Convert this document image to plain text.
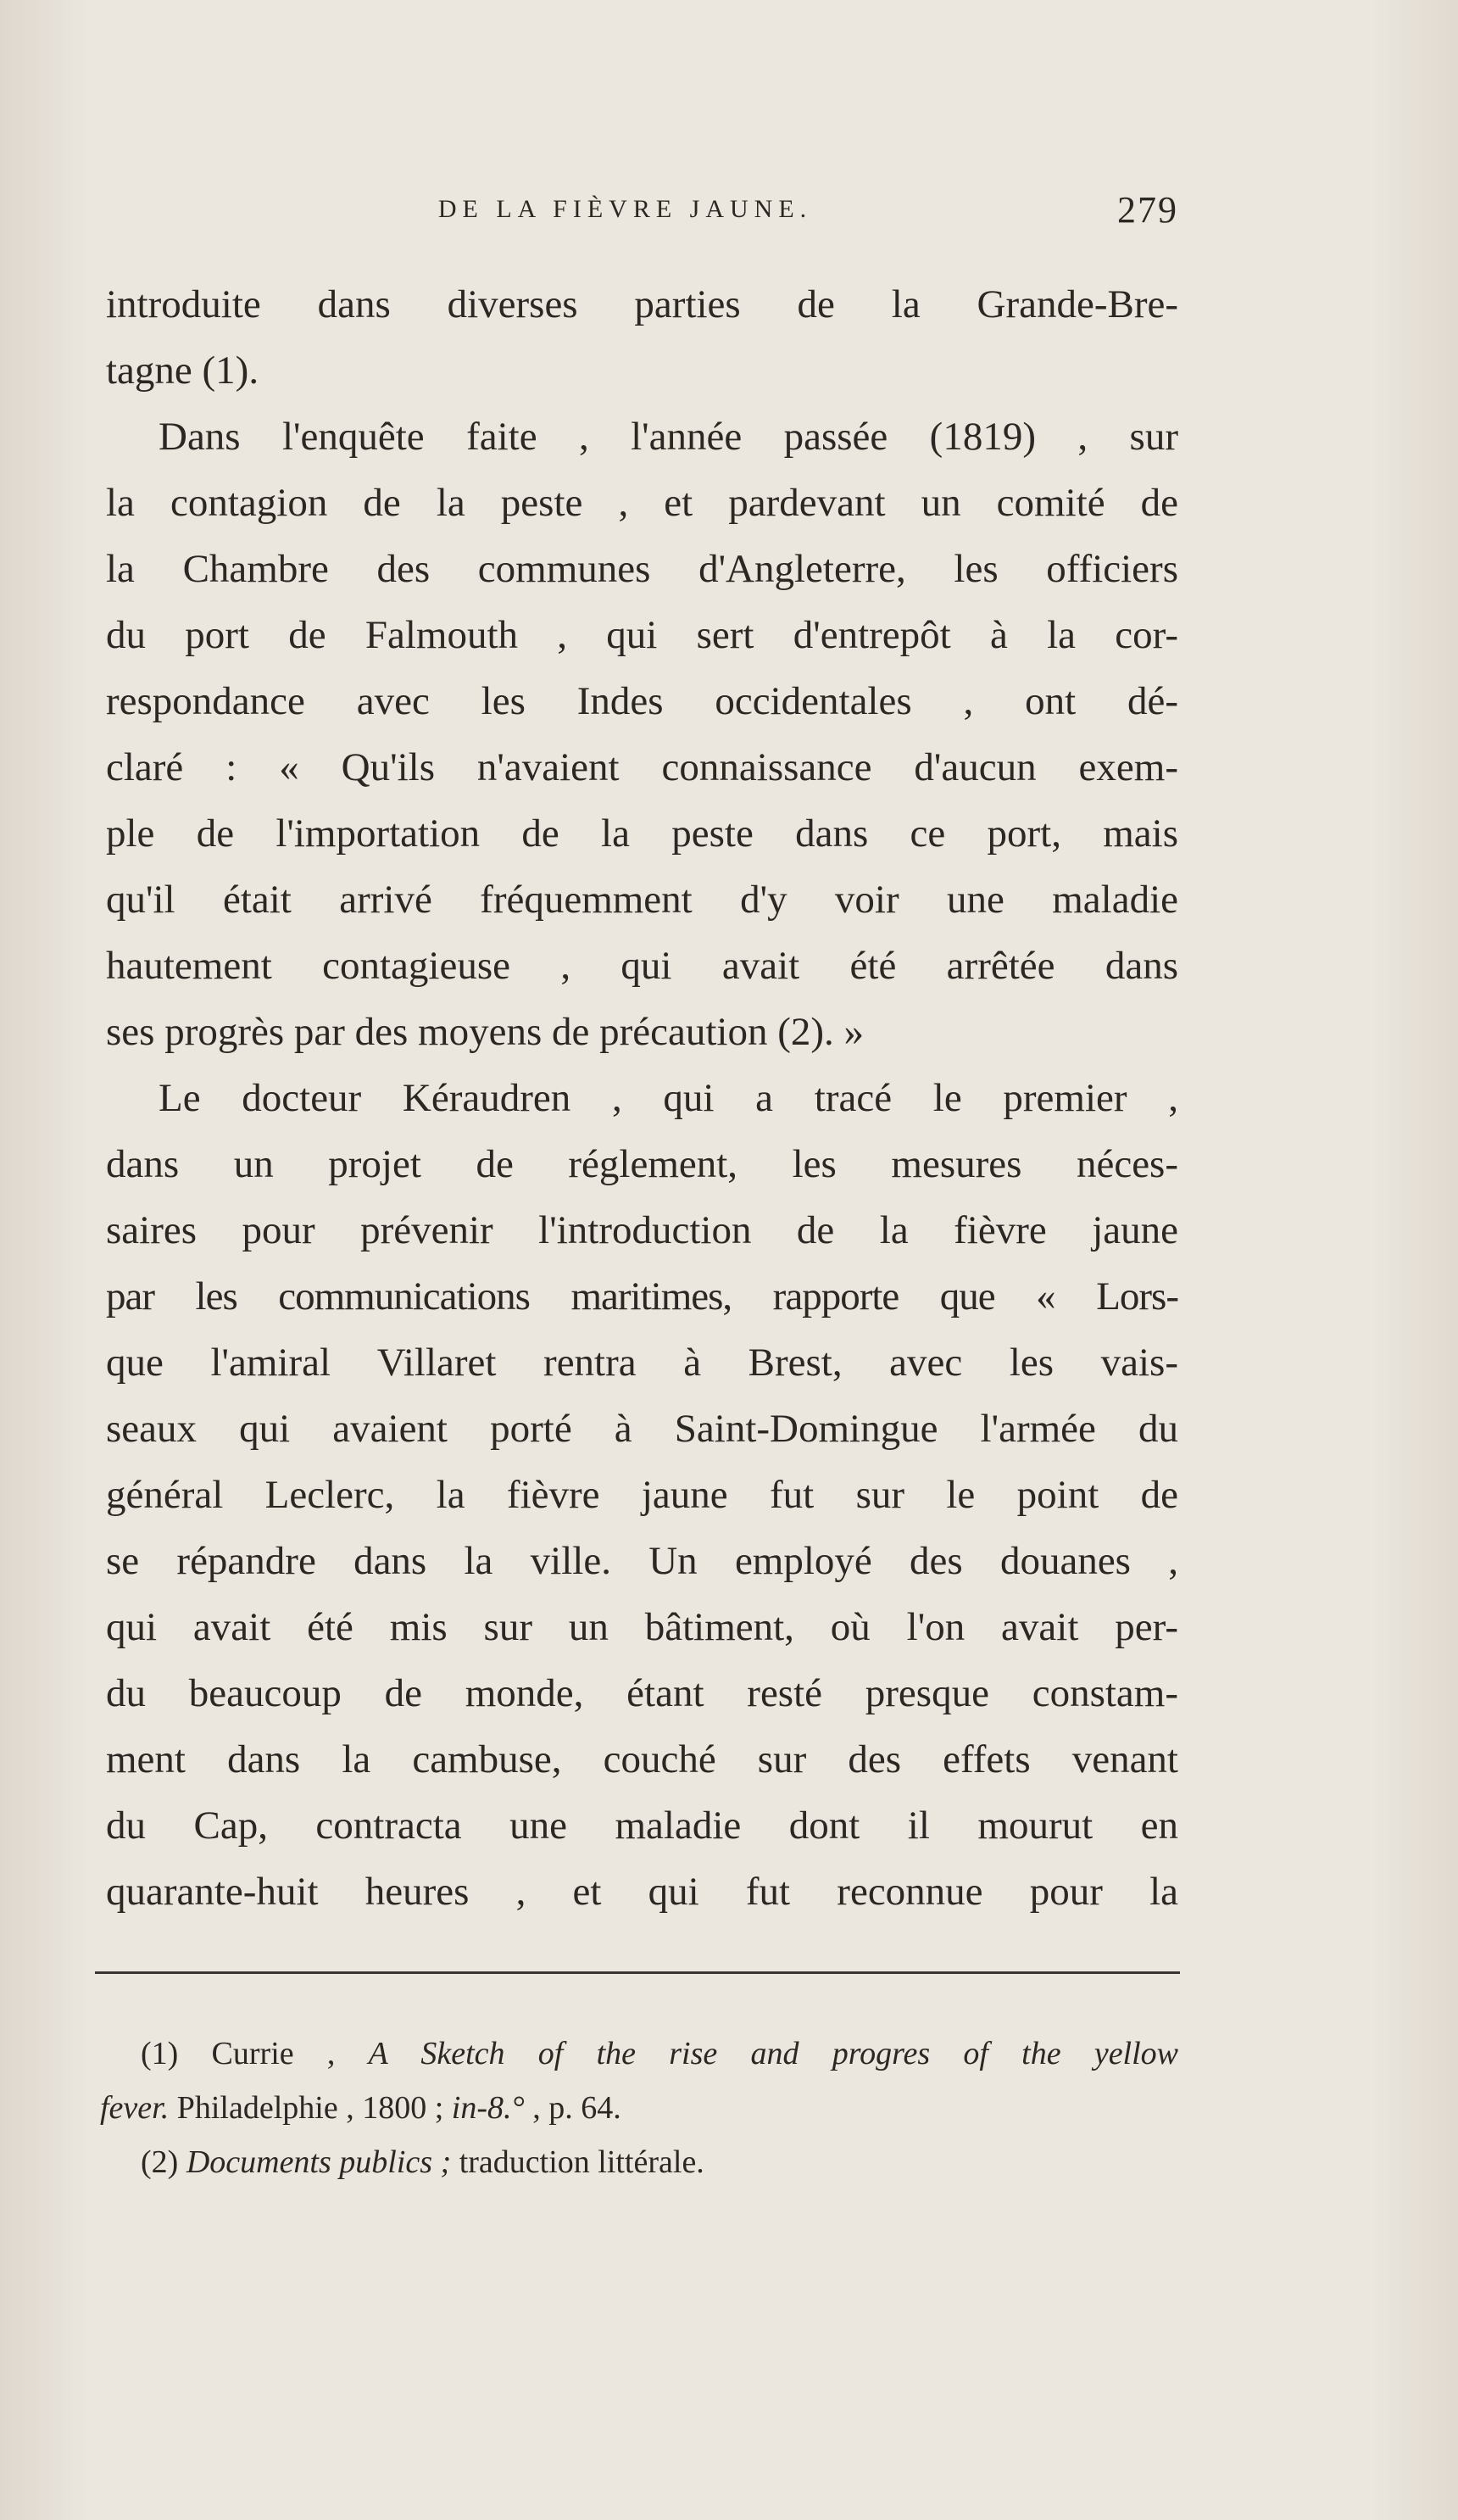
DE LA FIÈVRE JAUNE.	279
introduite dans diverses parties de la Grande-Bre-
tagne (1).
Dans l'enquête faite , l'année passée (1819) , sur
la contagion de la peste , et pardevant un comité de
la Chambre des communes d'Angleterre, les officiers
du port de Falmouth , qui sert d'entrepôt à la cor-
respondance avec les Indes occidentales , ont dé-
claré : « Qu'ils n'avaient connaissance d'aucun exem-
ple de l'importation de la peste dans ce port, mais
qu'il était arrivé fréquemment d'y voir une maladie
hautement contagieuse , qui avait été arrêtée dans
ses progrès par des moyens de précaution (2). »
Le docteur Kéraudren , qui a tracé le premier ,
dans un projet de réglement, les mesures néces-
saires pour prévenir l'introduction de la fièvre jaune
par les communications maritimes, rapporte que « Lors-
que l'amiral Villaret rentra à Brest, avec les vais-
seaux qui avaient porté à Saint-Domingue l'armée du
général Leclerc, la fièvre jaune fut sur le point de
se répandre dans la ville. Un employé des douanes ,
qui avait été mis sur un bâtiment, où l'on avait per-
du beaucoup de monde, étant resté presque constam-
ment dans la cambuse, couché sur des effets venant
du Cap, contracta une maladie dont il mourut en
quarante-huit heures , et qui fut reconnue pour la
(1) Currie , A Sketch of the rise and progres of the yellow
fever. Philadelphie , 1800 ; in-8.° , p. 64.
(2) Documents publics ; traduction littérale.
